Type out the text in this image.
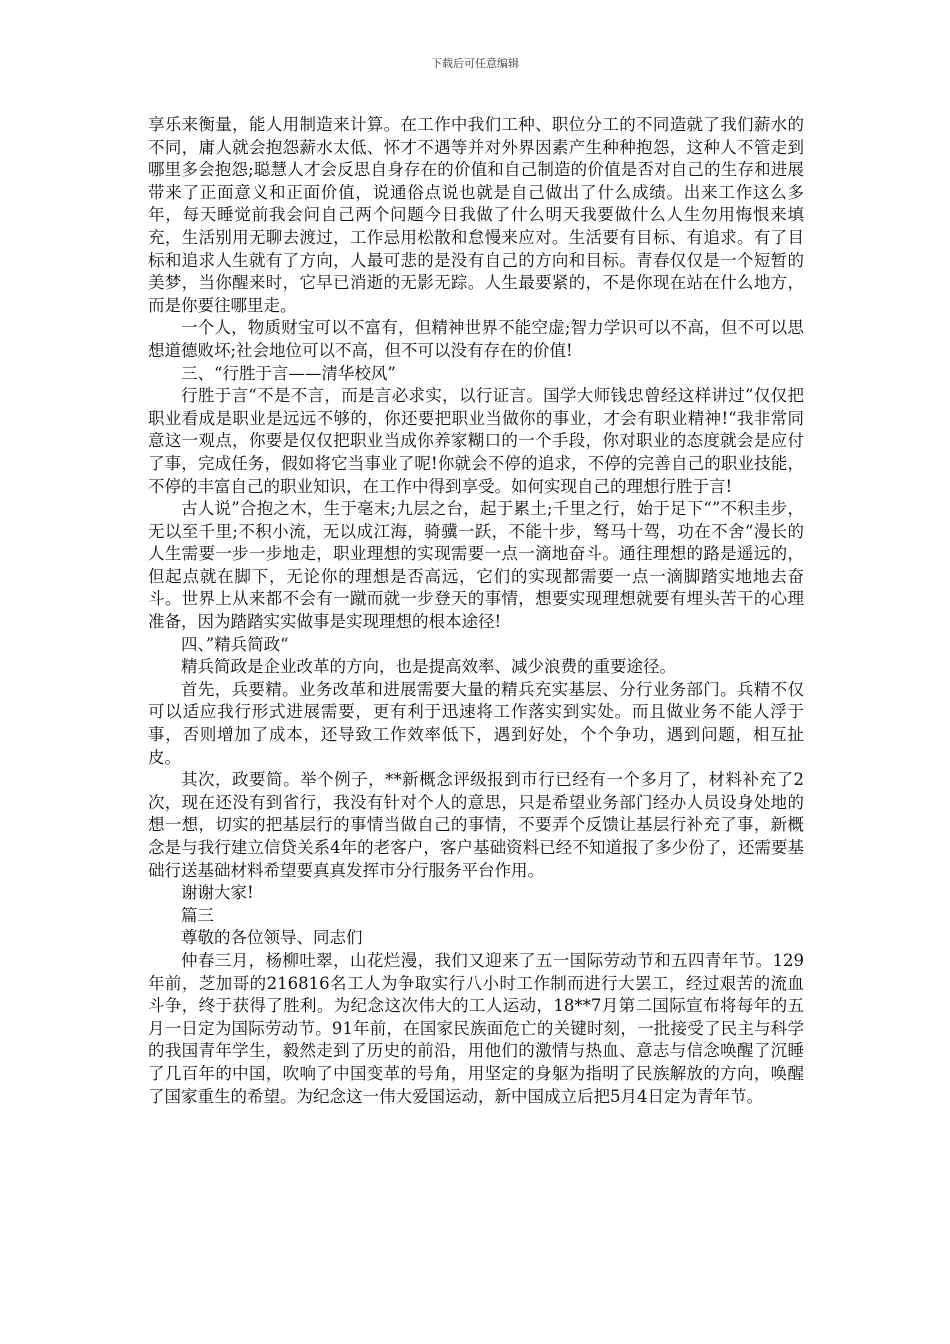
下载后可任意编辑

享乐来衡量，能人用制造来计算。在工作中我们工种、职位分工的不同造就了我们薪水的不同，庸人就会抱怨薪水太低、怀才不遇等并对外界因素产生种种抱怨，这种人不管走到哪里多会抱怨;聪慧人才会反思自身存在的价值和自己制造的价值是否对自己的生存和进展带来了正面意义和正面价值，说通俗点说也就是自己做出了什么成绩。出来工作这么多年，每天睡觉前我会问自己两个问题今日我做了什么明天我要做什么人生勿用悔恨来填充，生活别用无聊去渡过，工作忌用松散和怠慢来应对。生活要有目标、有追求。有了目标和追求人生就有了方向，人最可悲的是没有自己的方向和目标。青春仅仅是一个短暂的美梦，当你醒来时，它早已消逝的无影无踪。人生最要紧的，不是你现在站在什么地方，而是你要往哪里走。

一个人，物质财宝可以不富有，但精神世界不能空虚;智力学识可以不高，但不可以思想道德败坏;社会地位可以不高，但不可以没有存在的价值!

三、“行胜于言——清华校风”

行胜于言“不是不言，而是言必求实，以行证言。国学大师钱忠曾经这样讲过”仅仅把职业看成是职业是远远不够的，你还要把职业当做你的事业，才会有职业精神!“我非常同意这一观点，你要是仅仅把职业当成你养家糊口的一个手段，你对职业的态度就会是应付了事，完成任务，假如将它当事业了呢!你就会不停的追求，不停的完善自己的职业技能，不停的丰富自己的职业知识，在工作中得到享受。如何实现自己的理想行胜于言!

古人说”合抱之木，生于毫末;九层之台，起于累土;千里之行，始于足下“”不积圭步，无以至千里;不积小流，无以成江海，骑骥一跃，不能十步，驽马十驾，功在不舍“漫长的人生需要一步一步地走，职业理想的实现需要一点一滴地奋斗。通往理想的路是遥远的，但起点就在脚下，无论你的理想是否高远，它们的实现都需要一点一滴脚踏实地地去奋斗。世界上从来都不会有一蹴而就一步登天的事情，想要实现理想就要有埋头苦干的心理准备，因为踏踏实实做事是实现理想的根本途径!

四、”精兵简政“

精兵简政是企业改革的方向，也是提高效率、减少浪费的重要途径。

首先，兵要精。业务改革和进展需要大量的精兵充实基层、分行业务部门。兵精不仅可以适应我行形式进展需要，更有利于迅速将工作落实到实处。而且做业务不能人浮于事，否则增加了成本，还导致工作效率低下，遇到好处，个个争功，遇到问题，相互扯皮。

其次，政要简。举个例子，**新概念评级报到市行已经有一个多月了，材料补充了2次，现在还没有到省行，我没有针对个人的意思，只是希望业务部门经办人员设身处地的想一想，切实的把基层行的事情当做自己的事情，不要弄个反馈让基层行补充了事，新概念是与我行建立信贷关系4年的老客户，客户基础资料已经不知道报了多少份了，还需要基础行送基础材料希望要真真发挥市分行服务平台作用。

谢谢大家!

篇三

尊敬的各位领导、同志们

仲春三月，杨柳吐翠，山花烂漫，我们又迎来了五一国际劳动节和五四青年节。129年前，芝加哥的216816名工人为争取实行八小时工作制而进行大罢工，经过艰苦的流血斗争，终于获得了胜利。为纪念这次伟大的工人运动，18**7月第二国际宣布将每年的五月一日定为国际劳动节。91年前，在国家民族面危亡的关键时刻，一批接受了民主与科学的我国青年学生，毅然走到了历史的前沿，用他们的激情与热血、意志与信念唤醒了沉睡了几百年的中国，吹响了中国变革的号角，用坚定的身躯为指明了民族解放的方向，唤醒了国家重生的希望。为纪念这一伟大爱国运动，新中国成立后把5月4日定为青年节。
